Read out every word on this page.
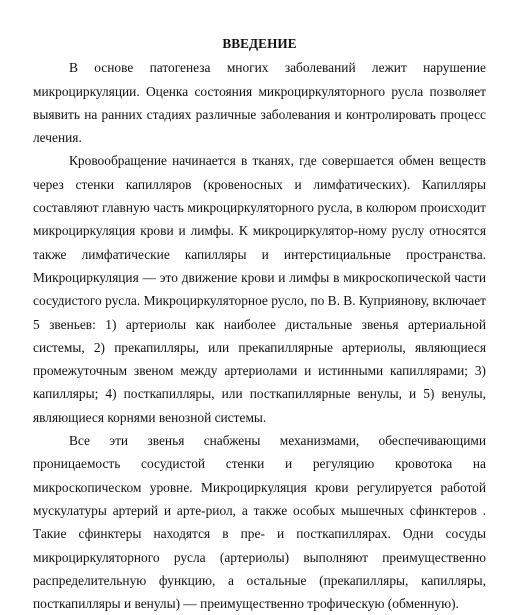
ВВЕДЕНИЕ

В основе патогенеза многих заболеваний лежит нарушение микроциркуляции. Оценка состояния микроциркуляторного русла позволяет выявить на ранних стадиях различные заболевания и контролировать процесс лечения.

Кровообращение начинается в тканях, где совершается обмен веществ через стенки капилляров (кровеносных и лимфатических). Капилляры составляют главную часть микроциркуляторного русла, в колюром происходит микроциркуляция крови и лимфы. К микроциркулятор-ному руслу относятся также лимфатические капилляры и интерстициальные пространства. Микроциркуляция — это движение крови и лимфы в микроскопической части сосудистого русла. Микроциркуляторное русло, по В. В. Куприянову, включает 5 звеньев: 1) артериолы как наиболее дистальные звенья артериальной системы, 2) прекапилляры, или прекапиллярные артериолы, являющиеся промежуточным звеном между артериолами и истинными капиллярами; 3) капилляры; 4) посткапилляры, или посткапиллярные венулы, и 5) венулы, являющиеся корнями венозной системы.

Все эти звенья снабжены механизмами, обеспечивающими проницаемость сосудистой стенки и регуляцию кровотока на микроскопическом уровне. Микроциркуляция крови регулируется работой мускулатуры артерий и арте-риол, а также особых мышечных сфинктеров . Такие сфинктеры находятся в пре- и посткапиллярах. Одни сосуды микроциркуляторного русла (артериолы) выполняют преимущественно распределительную функцию, а остальные (прекапилляры, капилляры, посткапилляры и венулы) — преимущественно трофическую (обменную).
